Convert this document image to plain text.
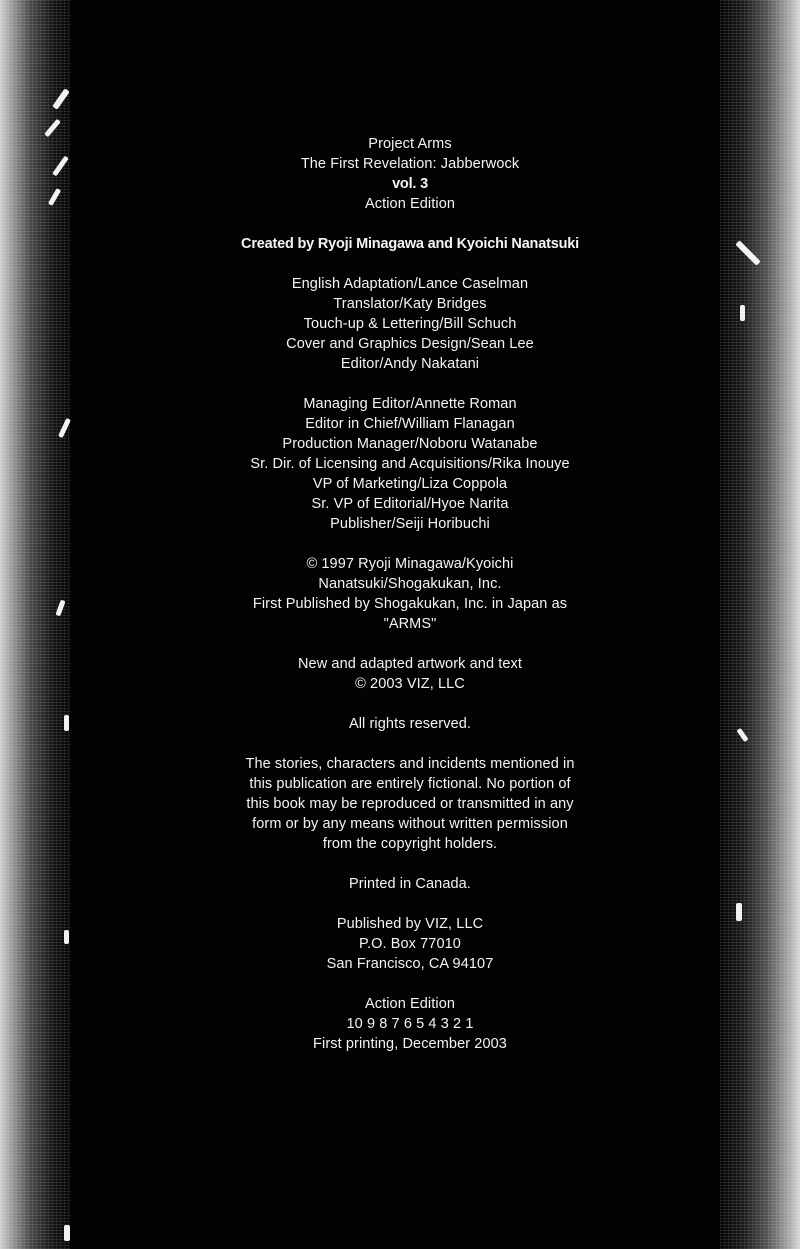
Project Arms
The First Revelation: Jabberwock
vol. 3
Action Edition
Created by Ryoji Minagawa and Kyoichi Nanatsuki
English Adaptation/Lance Caselman
Translator/Katy Bridges
Touch-up & Lettering/Bill Schuch
Cover and Graphics Design/Sean Lee
Editor/Andy Nakatani
Managing Editor/Annette Roman
Editor in Chief/William Flanagan
Production Manager/Noboru Watanabe
Sr. Dir. of Licensing and Acquisitions/Rika Inouye
VP of Marketing/Liza Coppola
Sr. VP of Editorial/Hyoe Narita
Publisher/Seiji Horibuchi
© 1997 Ryoji Minagawa/Kyoichi
Nanatsuki/Shogakukan, Inc.
First Published by Shogakukan, Inc. in Japan as
"ARMS"
New and adapted artwork and text
© 2003 VIZ, LLC
All rights reserved.
The stories, characters and incidents mentioned in
this publication are entirely fictional. No portion of
this book may be reproduced or transmitted in any
form or by any means without written permission
from the copyright holders.
Printed in Canada.
Published by VIZ, LLC
P.O. Box 77010
San Francisco, CA 94107
Action Edition
10 9 8 7 6 5 4 3 2 1
First printing, December 2003
